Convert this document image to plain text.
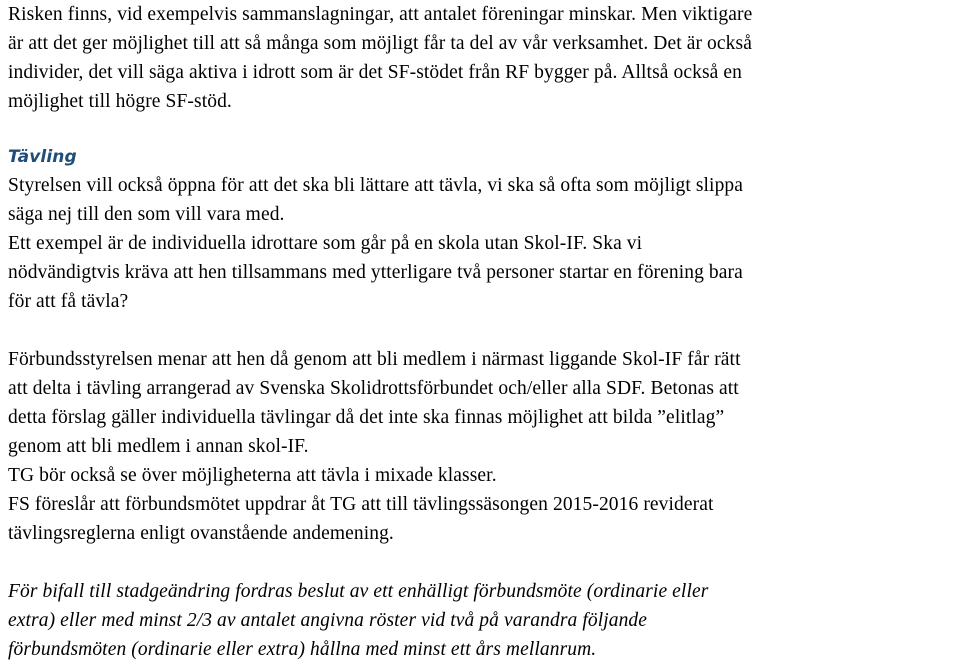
Risken finns, vid exempelvis sammanslagningar, att antalet föreningar minskar. Men viktigare
är att det ger möjlighet till att så många som möjligt får ta del av vår verksamhet. Det är också
individer, det vill säga aktiva i idrott som är det SF-stödet från RF bygger på. Alltså också en
möjlighet till högre SF-stöd.
Tävling
Styrelsen vill också öppna för att det ska bli lättare att tävla, vi ska så ofta som möjligt slippa
säga nej till den som vill vara med.
Ett exempel är de individuella idrottare som går på en skola utan Skol-IF. Ska vi
nödvändigtvis kräva att hen tillsammans med ytterligare två personer startar en förening bara
för att få tävla?
Förbundsstyrelsen menar att hen då genom att bli medlem i närmast liggande Skol-IF får rätt
att delta i tävling arrangerad av Svenska Skolidrottsförbundet och/eller alla SDF. Betonas att
detta förslag gäller individuella tävlingar då det inte ska finnas möjlighet att bilda ”elitlag”
genom att bli medlem i annan skol-IF.
TG bör också se över möjligheterna att tävla i mixade klasser.
FS föreslår att förbundsmötet uppdrar åt TG att till tävlingssäsongen 2015-2016 reviderat
tävlingsreglerna enligt ovanstående andemening.
För bifall till stadgeändring fordras beslut av ett enhälligt förbundsmöte (ordinarie eller
extra) eller med minst 2/3 av antalet angivna röster vid två på varandra följande
förbundsmöten (ordinarie eller extra) hållna med minst ett års mellanrum.
